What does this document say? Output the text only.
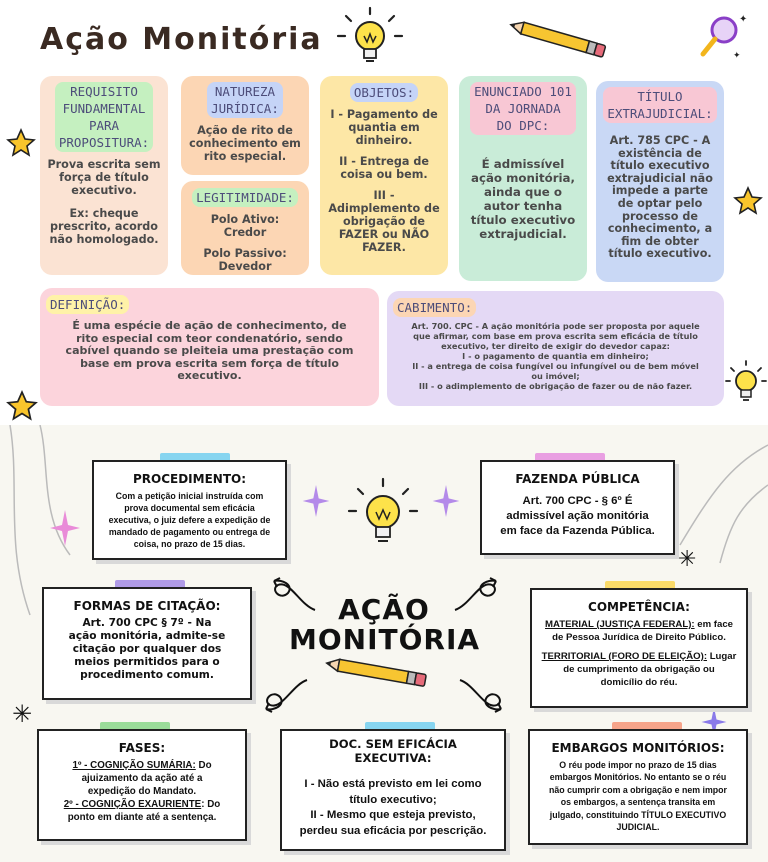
Ação Monitória
✦
✦
REQUISITO
FUNDAMENTAL
PARA
PROPOSITURA:
Prova escrita sem
força de título
executivo.
Ex: cheque
prescrito, acordo
não homologado.
NATUREZA
JURÍDICA:
Ação de rito de
conhecimento em
rito especial.
LEGITIMIDADE:
Polo Ativo:
Credor
Polo Passivo:
Devedor
OBJETOS:
I - Pagamento de
quantia em
dinheiro.
II - Entrega de
coisa ou bem.
III -
Adimplemento de
obrigação de
FAZER ou NÃO
FAZER.
ENUNCIADO 101
DA JORNADA
DO DPC:
É admissível
ação monitória,
ainda que o
autor tenha
título executivo
extrajudicial.
TÍTULO
EXTRAJUDICIAL:
Art. 785 CPC - A
existência de
título executivo
extrajudicial não
impede a parte
de optar pelo
processo de
conhecimento, a
fim de obter
título executivo.
DEFINIÇÃO:
É uma espécie de ação de conhecimento, de
rito especial com teor condenatório, sendo
cabível quando se pleiteia uma prestação com
base em prova escrita sem força de título
executivo.
CABIMENTO:
Art. 700. CPC - A ação monitória pode ser proposta por aquele
que afirmar, com base em prova escrita sem eficácia de título
executivo, ter direito de exigir do devedor capaz:
I - o pagamento de quantia em dinheiro;
II - a entrega de coisa fungível ou infungível ou de bem móvel
ou imóvel;
III - o adimplemento de obrigação de fazer ou de não fazer.
✳
✳
AÇÃO
MONITÓRIA
PROCEDIMENTO:
Com a petição inicial instruída com
prova documental sem eficácia
executiva, o juiz defere a expedição de
mandado de pagamento ou entrega de
coisa, no prazo de 15 dias.
FAZENDA PÚBLICA
Art. 700 CPC - § 6º É
admissível ação monitória
em face da Fazenda Pública.
FORMAS DE CITAÇÃO:
Art. 700 CPC § 7º - Na
ação monitória, admite-se
citação por qualquer dos
meios permitidos para o
procedimento comum.
COMPETÊNCIA:
MATERIAL (JUSTIÇA FEDERAL): em face
de Pessoa Jurídica de Direito Público.
TERRITORIAL (FORO DE ELEIÇÃO): Lugar
de cumprimento da obrigação ou
domicílio do réu.
FASES:
1º - COGNIÇÃO SUMÁRIA: Do
ajuizamento da ação até a
expedição do Mandato.
2º - COGNIÇÃO EXAURIENTE: Do
ponto em diante até a sentença.
DOC. SEM EFICÁCIA EXECUTIVA:
I - Não está previsto em lei como
título executivo;
II - Mesmo que esteja previsto,
perdeu sua eficácia por pescrição.
EMBARGOS MONITÓRIOS:
O réu pode impor no prazo de 15 dias
embargos Monitórios. No entanto se o réu
não cumprir com a obrigação e nem impor
os embargos, a sentença transita em
julgado, constituindo TÍTULO EXECUTIVO
JUDICIAL.
